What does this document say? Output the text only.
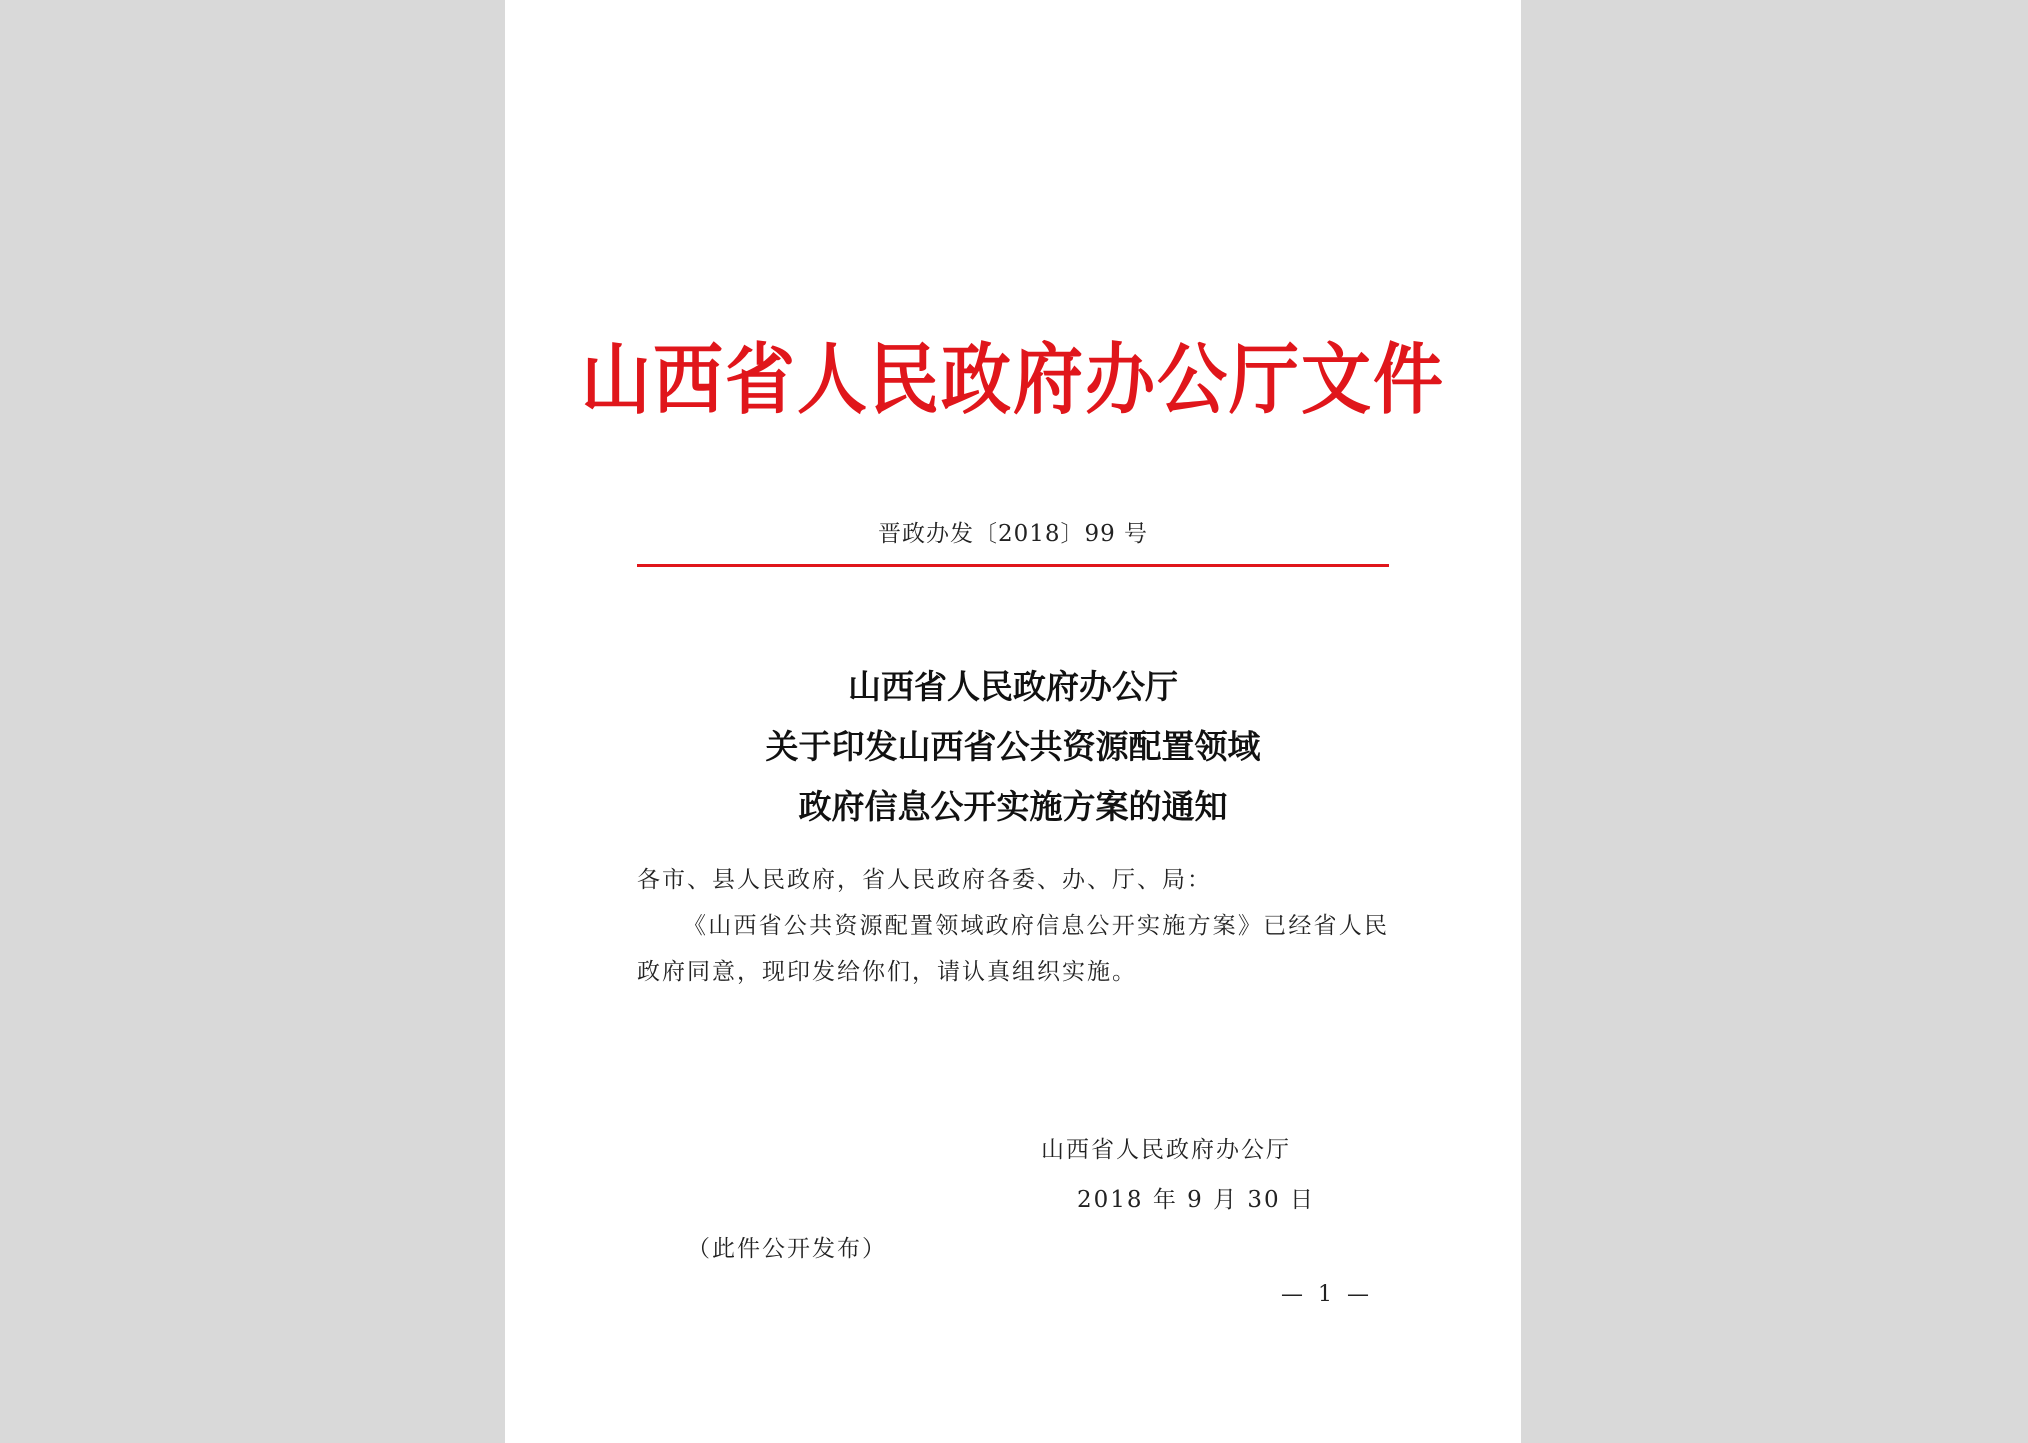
山西省人民政府办公厅文件
晋政办发〔2018〕99 号
山西省人民政府办公厅
关于印发山西省公共资源配置领域
政府信息公开实施方案的通知
各市、县人民政府，省人民政府各委、办、厅、局：
《山西省公共资源配置领域政府信息公开实施方案》已经省人民政府同意，现印发给你们，请认真组织实施。
山西省人民政府办公厅
2018 年 9 月 30 日
（此件公开发布）
— 1 —
